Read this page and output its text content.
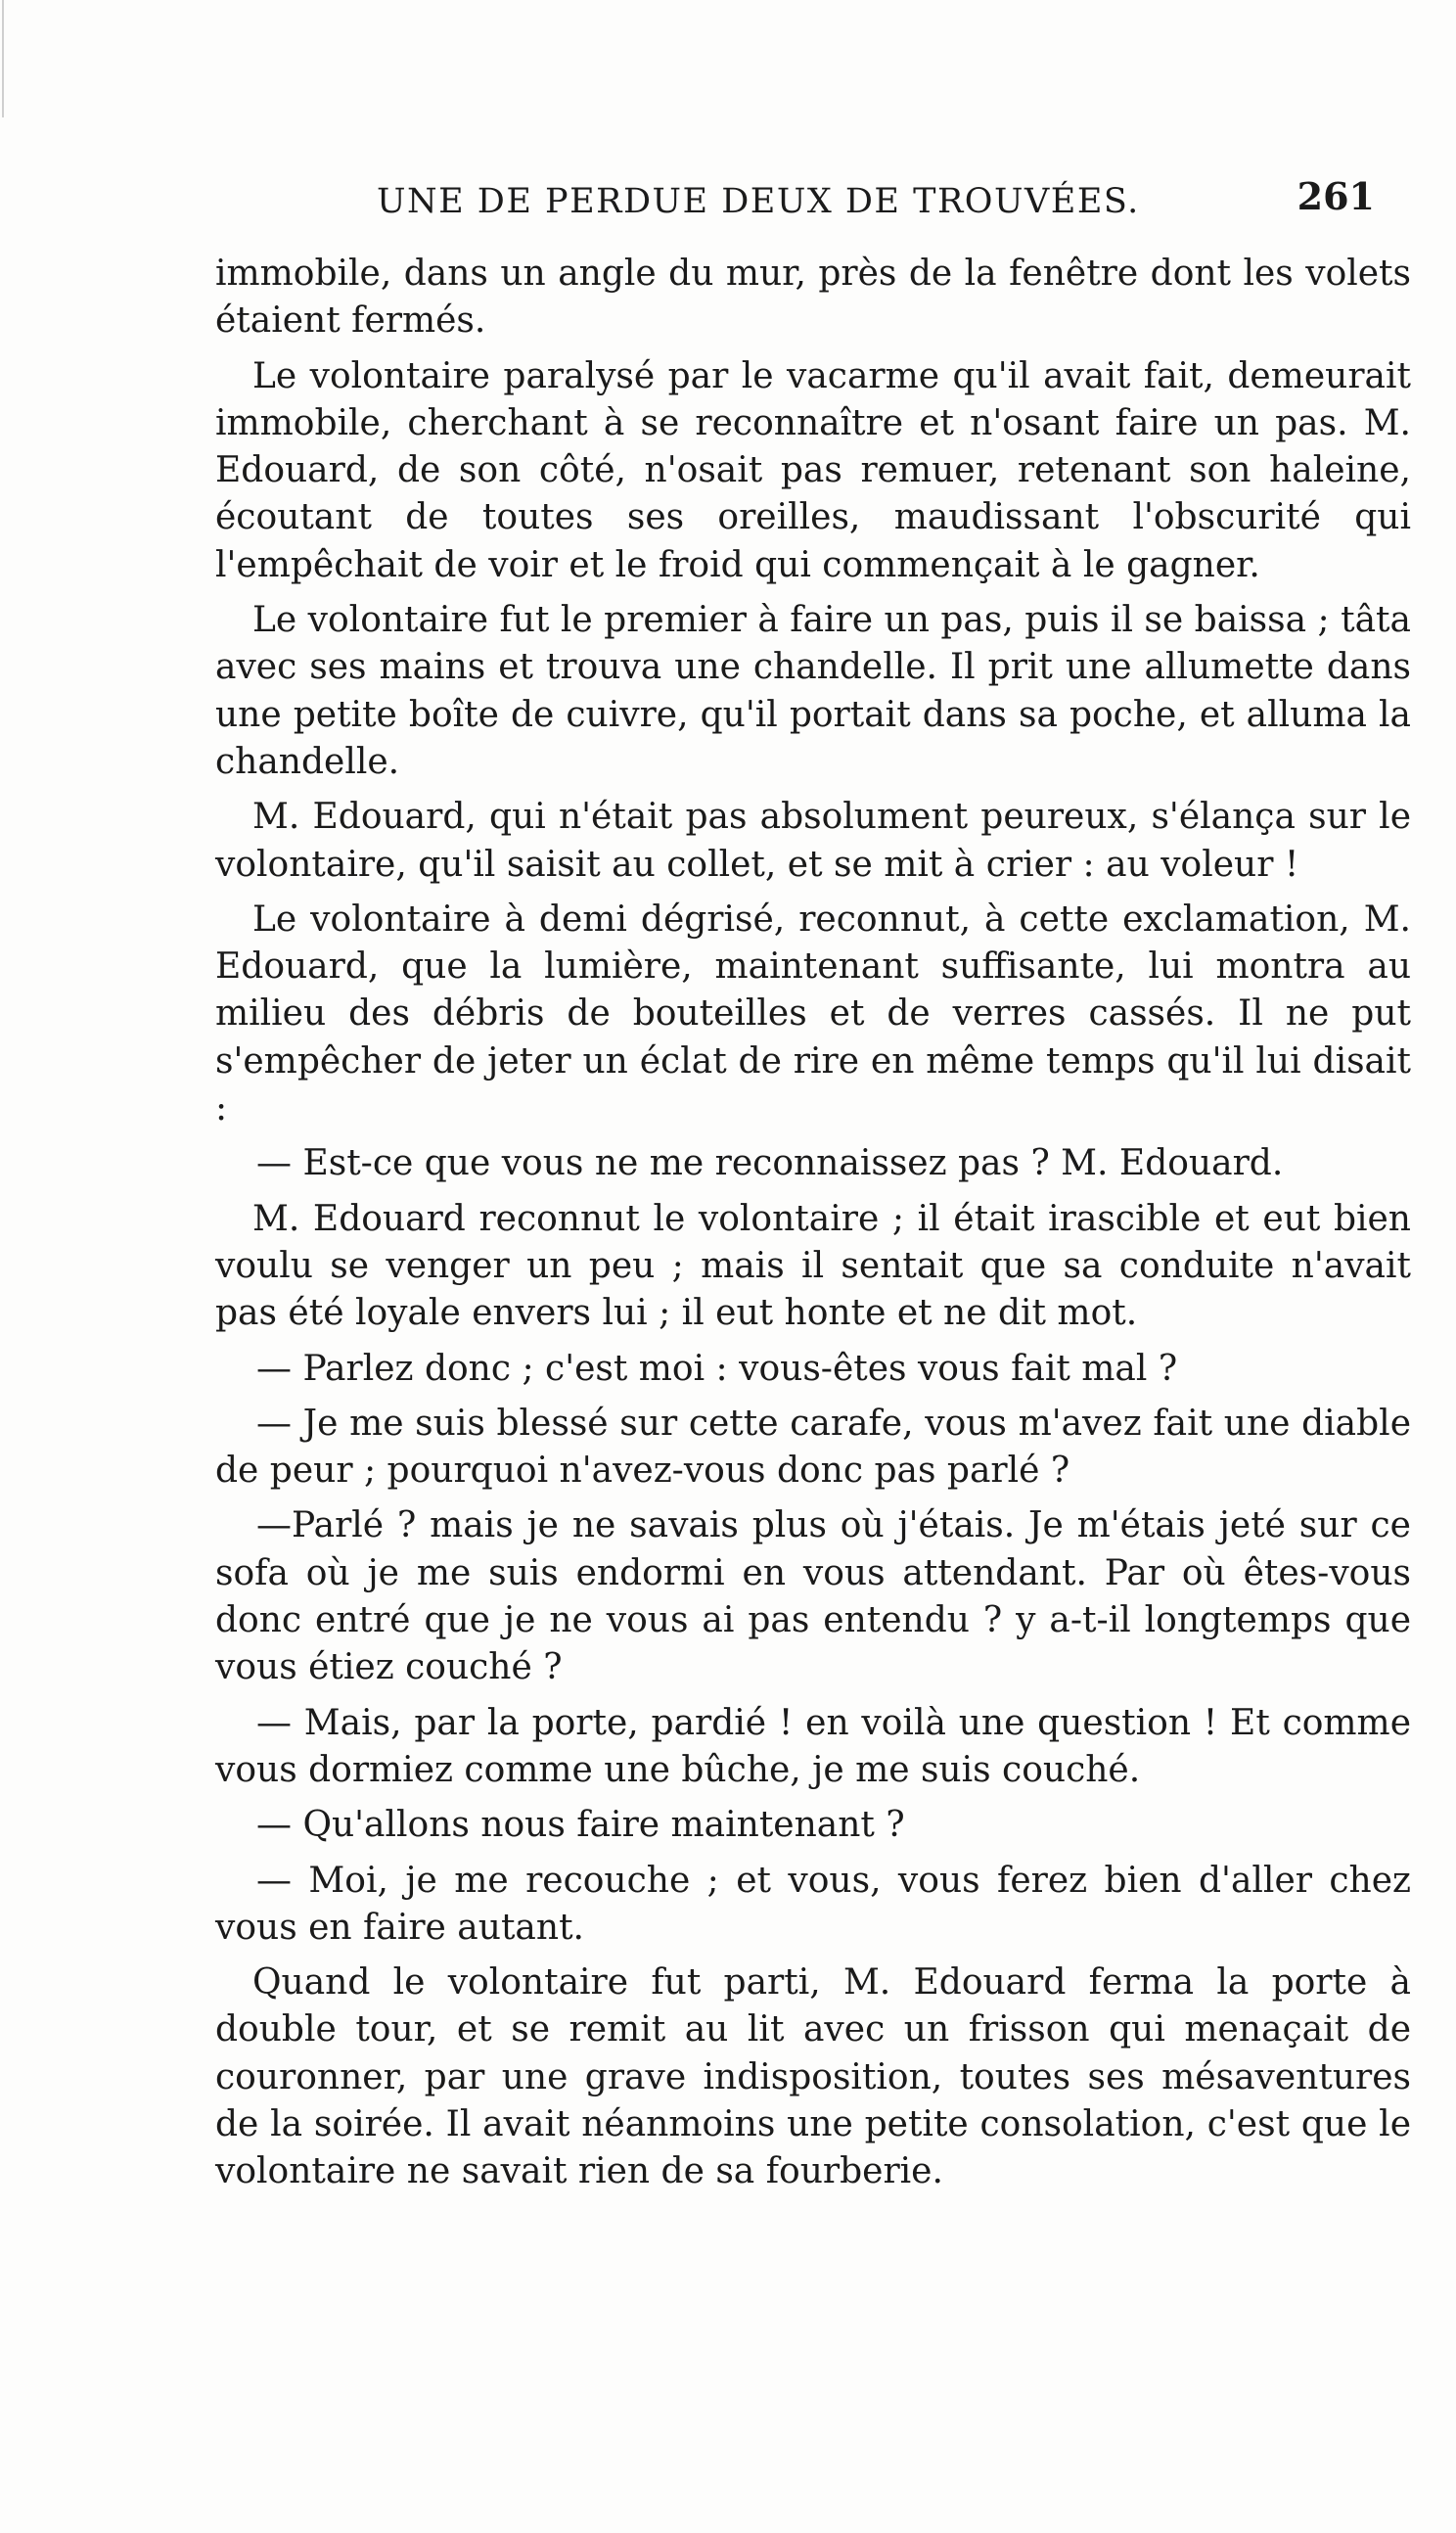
UNE DE PERDUE DEUX DE TROUVÉES.	261

immobile, dans un angle du mur, près de la fenêtre dont les volets étaient fermés.

Le volontaire paralysé par le vacarme qu'il avait fait, demeurait immobile, cherchant à se reconnaître et n'osant faire un pas. M. Edouard, de son côté, n'osait pas remuer, retenant son haleine, écoutant de toutes ses oreilles, maudissant l'obscurité qui l'empêchait de voir et le froid qui commençait à le gagner.

Le volontaire fut le premier à faire un pas, puis il se baissa ; tâta avec ses mains et trouva une chandelle. Il prit une allumette dans une petite boîte de cuivre, qu'il portait dans sa poche, et alluma la chandelle.

M. Edouard, qui n'était pas absolument peureux, s'élança sur le volontaire, qu'il saisit au collet, et se mit à crier : au voleur !

Le volontaire à demi dégrisé, reconnut, à cette exclamation, M. Edouard, que la lumière, maintenant suffisante, lui montra au milieu des débris de bouteilles et de verres cassés. Il ne put s'empêcher de jeter un éclat de rire en même temps qu'il lui disait :

— Est-ce que vous ne me reconnaissez pas ? M. Edouard.

M. Edouard reconnut le volontaire ; il était irascible et eut bien voulu se venger un peu ; mais il sentait que sa conduite n'avait pas été loyale envers lui ; il eut honte et ne dit mot.

— Parlez donc ; c'est moi : vous-êtes vous fait mal ?

— Je me suis blessé sur cette carafe, vous m'avez fait une diable de peur ; pourquoi n'avez-vous donc pas parlé ?

—Parlé ? mais je ne savais plus où j'étais. Je m'étais jeté sur ce sofa où je me suis endormi en vous attendant. Par où êtes-vous donc entré que je ne vous ai pas entendu ? y a-t-il longtemps que vous étiez couché ?

— Mais, par la porte, pardié ! en voilà une question ! Et comme vous dormiez comme une bûche, je me suis couché.

— Qu'allons nous faire maintenant ?

— Moi, je me recouche ; et vous, vous ferez bien d'aller chez vous en faire autant.

Quand le volontaire fut parti, M. Edouard ferma la porte à double tour, et se remit au lit avec un frisson qui menaçait de couronner, par une grave indisposition, toutes ses mésaventures de la soirée. Il avait néanmoins une petite consolation, c'est que le volontaire ne savait rien de sa fourberie.
